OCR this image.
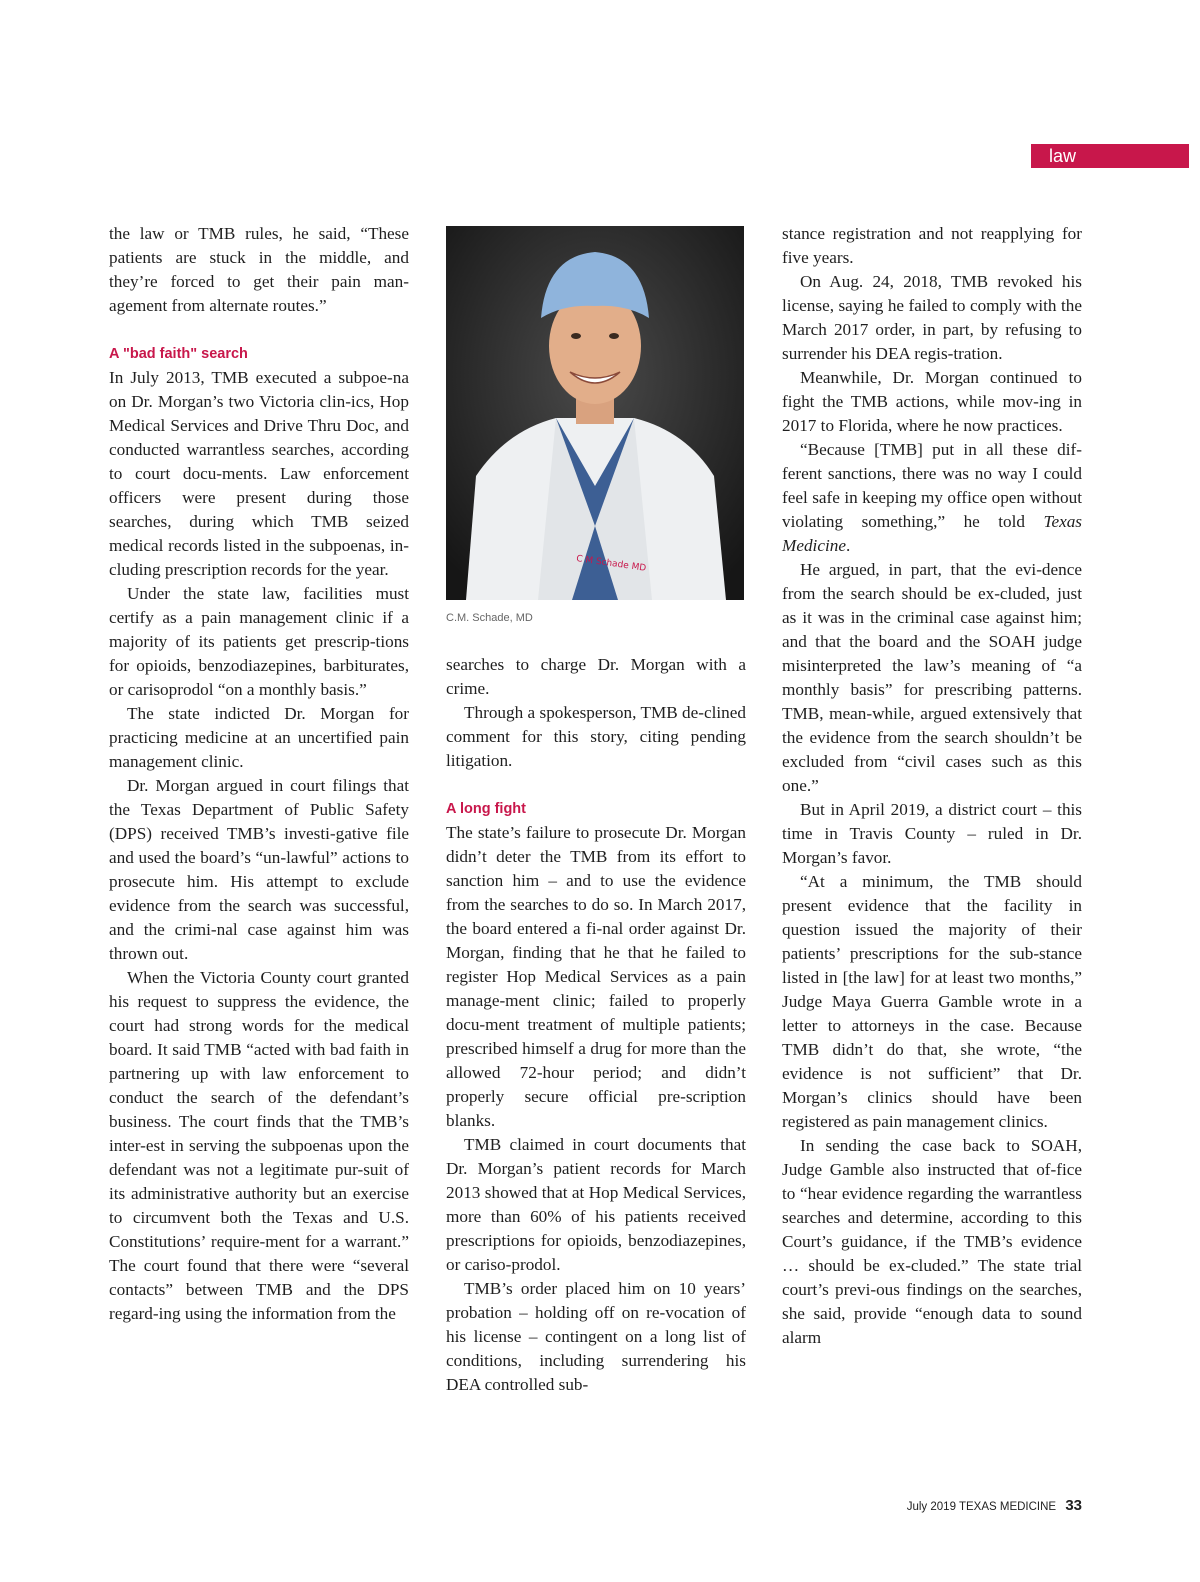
law

the law or TMB rules, he said, “These patients are stuck in the middle, and they’re forced to get their pain man-agement from alternate routes.”

A "bad faith" search

In July 2013, TMB executed a subpoe-na on Dr. Morgan’s two Victoria clin-ics, Hop Medical Services and Drive Thru Doc, and conducted warrantless searches, according to court docu-ments. Law enforcement officers were present during those searches, during which TMB seized medical records listed in the subpoenas, in-cluding prescription records for the year.

Under the state law, facilities must certify as a pain management clinic if a majority of its patients get prescrip-tions for opioids, benzodiazepines, barbiturates, or carisoprodol “on a monthly basis.”

The state indicted Dr. Morgan for practicing medicine at an uncertified pain management clinic.

Dr. Morgan argued in court filings that the Texas Department of Public Safety (DPS) received TMB’s investi-gative file and used the board’s “un-lawful” actions to prosecute him. His attempt to exclude evidence from the search was successful, and the crimi-nal case against him was thrown out.

When the Victoria County court granted his request to suppress the evidence, the court had strong words for the medical board. It said TMB “acted with bad faith in partnering up with law enforcement to conduct the search of the defendant’s business. The court finds that the TMB’s inter-est in serving the subpoenas upon the defendant was not a legitimate pur-suit of its administrative authority but an exercise to circumvent both the Texas and U.S. Constitutions’ require-ment for a warrant.” The court found that there were “several contacts” between TMB and the DPS regard-ing using the information from the

C M Schade MD
C.M. Schade, MD

searches to charge Dr. Morgan with a crime.

Through a spokesperson, TMB de-clined comment for this story, citing pending litigation.

A long fight

The state’s failure to prosecute Dr. Morgan didn’t deter the TMB from its effort to sanction him – and to use the evidence from the searches to do so. In March 2017, the board entered a fi-nal order against Dr. Morgan, finding that he that he failed to register Hop Medical Services as a pain manage-ment clinic; failed to properly docu-ment treatment of multiple patients; prescribed himself a drug for more than the allowed 72-hour period; and didn’t properly secure official pre-scription blanks.

TMB claimed in court documents that Dr. Morgan’s patient records for March 2013 showed that at Hop Medical Services, more than 60% of his patients received prescriptions for opioids, benzodiazepines, or cariso-prodol.

TMB’s order placed him on 10 years’ probation – holding off on re-vocation of his license – contingent on a long list of conditions, including surrendering his DEA controlled sub-

stance registration and not reapplying for five years.

On Aug. 24, 2018, TMB revoked his license, saying he failed to comply with the March 2017 order, in part, by refusing to surrender his DEA regis-tration.

Meanwhile, Dr. Morgan continued to fight the TMB actions, while mov-ing in 2017 to Florida, where he now practices.

“Because [TMB] put in all these dif-ferent sanctions, there was no way I could feel safe in keeping my office open without violating something,” he told Texas Medicine.

He argued, in part, that the evi-dence from the search should be ex-cluded, just as it was in the criminal case against him; and that the board and the SOAH judge misinterpreted the law’s meaning of “a monthly basis” for prescribing patterns. TMB, mean-while, argued extensively that the evidence from the search shouldn’t be excluded from “civil cases such as this one.”

But in April 2019, a district court – this time in Travis County – ruled in Dr. Morgan’s favor.

“At a minimum, the TMB should present evidence that the facility in question issued the majority of their patients’ prescriptions for the sub-stance listed in [the law] for at least two months,” Judge Maya Guerra Gamble wrote in a letter to attorneys in the case. Because TMB didn’t do that, she wrote, “the evidence is not sufficient” that Dr. Morgan’s clinics should have been registered as pain management clinics.

In sending the case back to SOAH, Judge Gamble also instructed that of-fice to “hear evidence regarding the warrantless searches and determine, according to this Court’s guidance, if the TMB’s evidence … should be ex-cluded.” The state trial court’s previ-ous findings on the searches, she said, provide “enough data to sound alarm

July 2019 TEXAS MEDICINE 33
